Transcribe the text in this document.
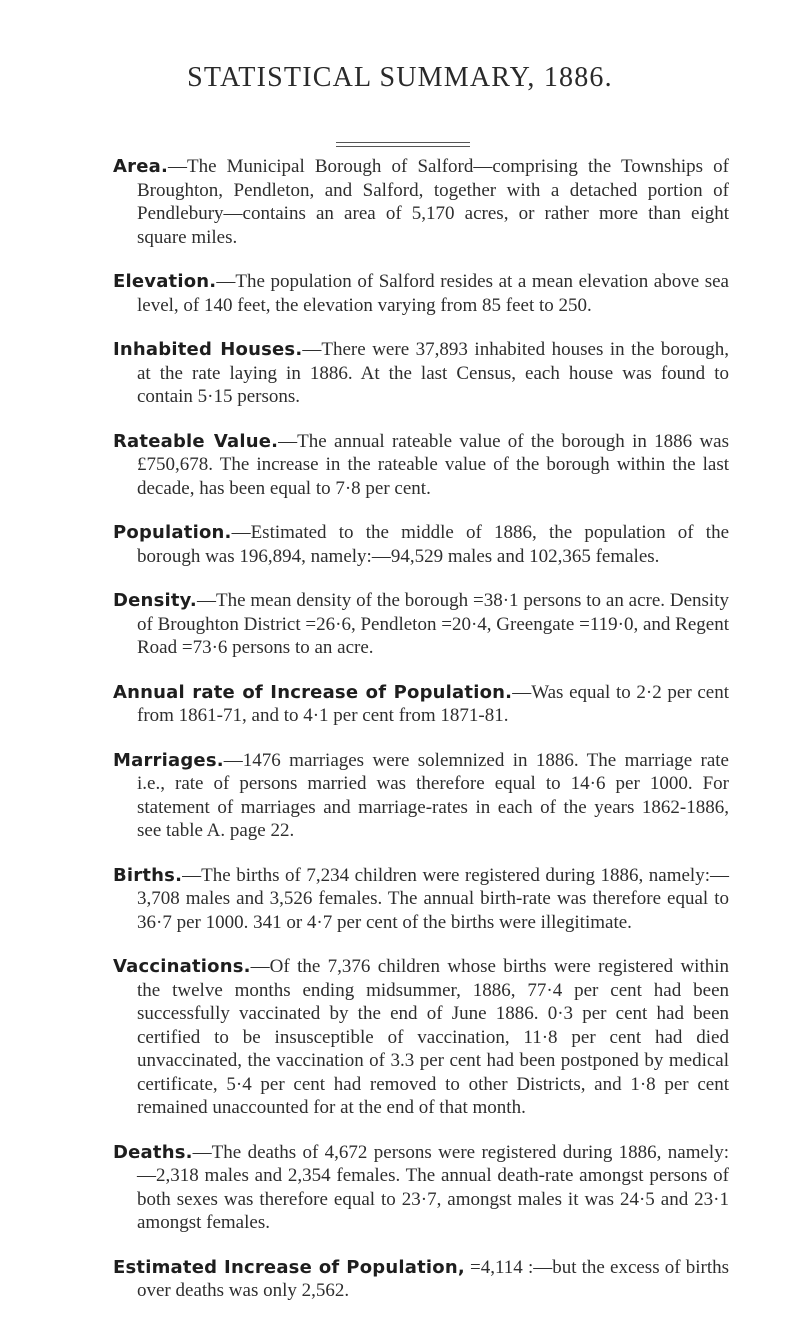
STATISTICAL SUMMARY, 1886.

Area.—The Municipal Borough of Salford—comprising the Townships of Broughton, Pendleton, and Salford, together with a detached portion of Pendlebury—contains an area of 5,170 acres, or rather more than eight square miles.

Elevation.—The population of Salford resides at a mean elevation above sea level, of 140 feet, the elevation varying from 85 feet to 250.

Inhabited Houses.—There were 37,893 inhabited houses in the borough, at the rate laying in 1886. At the last Census, each house was found to contain 5·15 persons.

Rateable Value.—The annual rateable value of the borough in 1886 was £750,678. The increase in the rateable value of the borough within the last decade, has been equal to 7·8 per cent.

Population.—Estimated to the middle of 1886, the population of the borough was 196,894, namely:—94,529 males and 102,365 females.

Density.—The mean density of the borough =38·1 persons to an acre. Density of Broughton District =26·6, Pendleton =20·4, Greengate =119·0, and Regent Road =73·6 persons to an acre.

Annual rate of Increase of Population.—Was equal to 2·2 per cent from 1861-71, and to 4·1 per cent from 1871-81.

Marriages.—1476 marriages were solemnized in 1886. The marriage rate i.e., rate of persons married was therefore equal to 14·6 per 1000. For statement of marriages and marriage-rates in each of the years 1862-1886, see table A. page 22.

Births.—The births of 7,234 children were registered during 1886, namely:—3,708 males and 3,526 females. The annual birth-rate was therefore equal to 36·7 per 1000. 341 or 4·7 per cent of the births were illegitimate.

Vaccinations.—Of the 7,376 children whose births were registered within the twelve months ending midsummer, 1886, 77·4 per cent had been successfully vaccinated by the end of June 1886. 0·3 per cent had been certified to be insusceptible of vaccination, 11·8 per cent had died unvaccinated, the vaccination of 3.3 per cent had been postponed by medical certificate, 5·4 per cent had removed to other Districts, and 1·8 per cent remained unaccounted for at the end of that month.

Deaths.—The deaths of 4,672 persons were registered during 1886, namely:—2,318 males and 2,354 females. The annual death-rate amongst persons of both sexes was therefore equal to 23·7, amongst males it was 24·5 and 23·1 amongst females.

Estimated Increase of Population, =4,114 :—but the excess of births over deaths was only 2,562.
